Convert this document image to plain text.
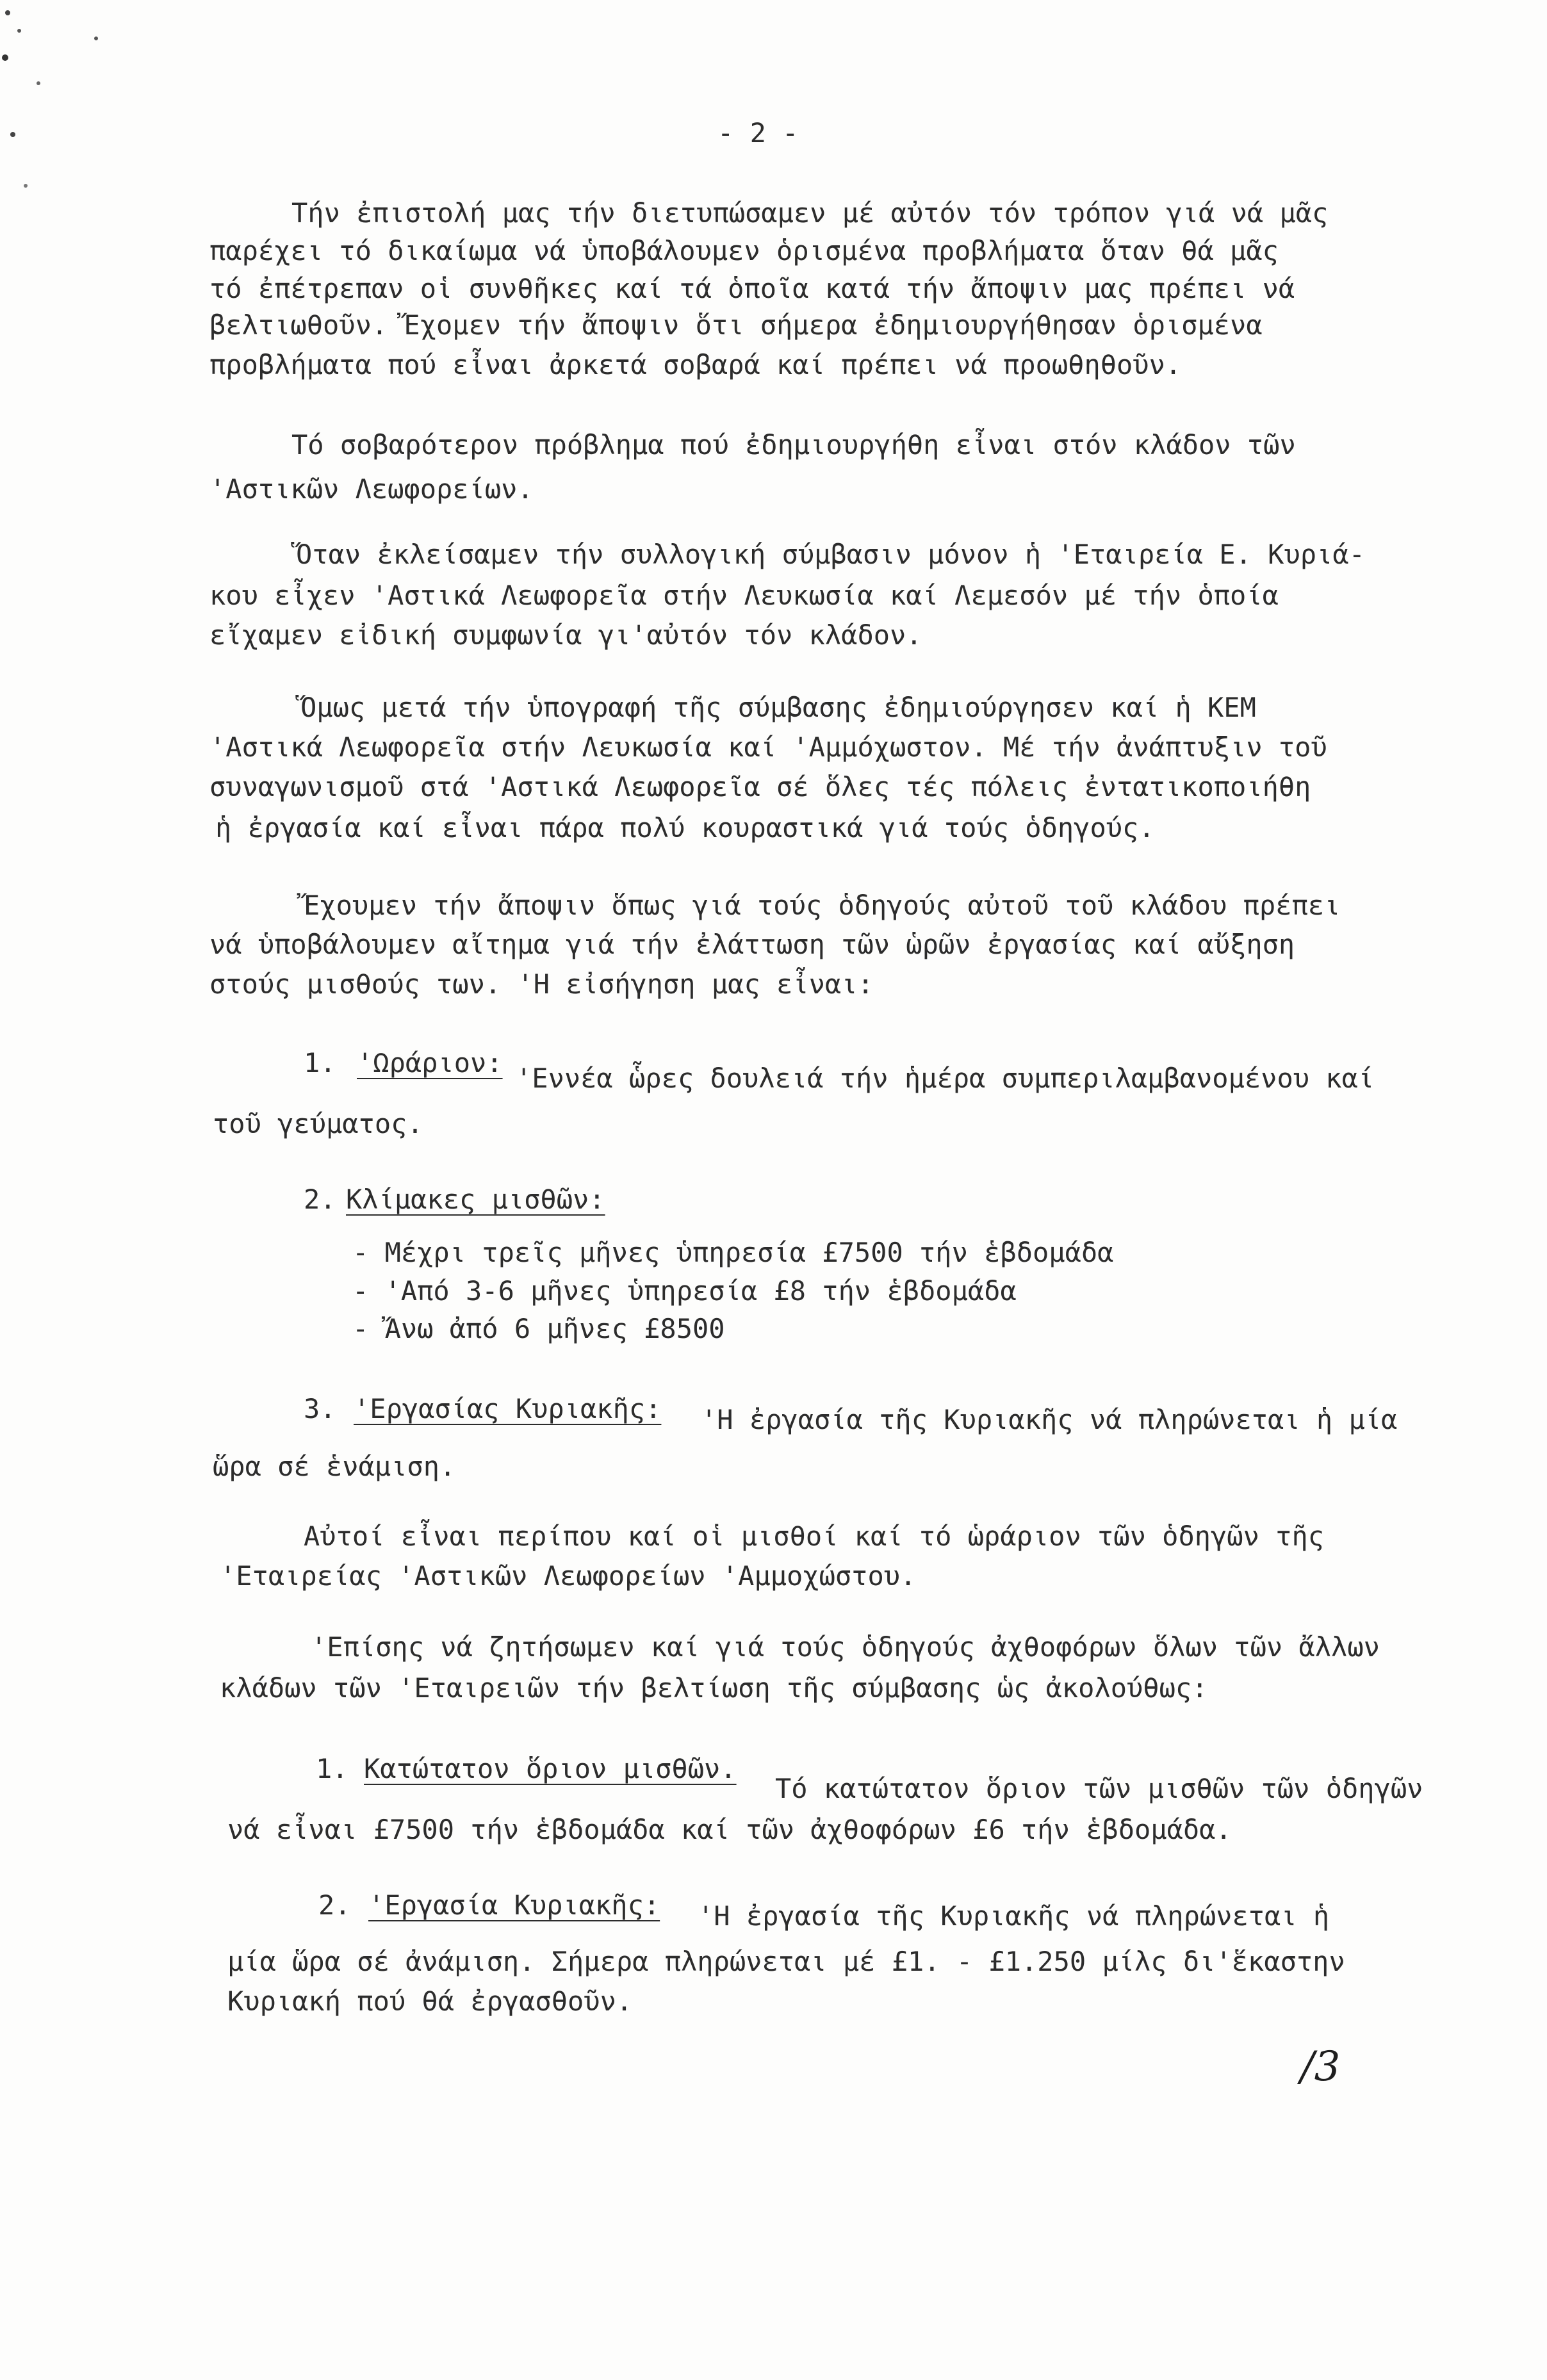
- 2 -
Τήν ἐπιστολή μας τήν διετυπώσαμεν μέ αὐτόν τόν τρόπον γιά νά μᾶς
παρέχει τό δικαίωμα νά ὑποβάλουμεν ὁρισμένα προβλήματα ὅταν θά μᾶς
τό ἐπέτρεπαν οἱ συνθῆκες καί τά ὁποῖα κατά τήν ἄποψιν μας πρέπει νά
βελτιωθοῦν. Ἔχομεν τήν ἄποψιν ὅτι σήμερα ἐδημιουργήθησαν ὁρισμένα
προβλήματα πού εἶναι ἀρκετά σοβαρά καί πρέπει νά προωθηθοῦν.
Τό σοβαρότερον πρόβλημα πού ἐδημιουργήθη εἶναι στόν κλάδον τῶν
'Αστικῶν Λεωφορείων.
Ὅταν ἐκλείσαμεν τήν συλλογική σύμβασιν μόνον ἡ 'Εταιρεία Ε. Κυριά-
κου εἶχεν 'Αστικά Λεωφορεῖα στήν Λευκωσία καί Λεμεσόν μέ τήν ὁποία
εἴχαμεν εἰδική συμφωνία γι'αὐτόν τόν κλάδον.
Ὅμως μετά τήν ὑπογραφή τῆς σύμβασης ἐδημιούργησεν καί ἡ ΚΕΜ
'Αστικά Λεωφορεῖα στήν Λευκωσία καί 'Αμμόχωστον. Μέ τήν ἀνάπτυξιν τοῦ
συναγωνισμοῦ στά 'Αστικά Λεωφορεῖα σέ ὅλες τές πόλεις ἐντατικοποιήθη
ἡ ἐργασία καί εἶναι πάρα πολύ κουραστικά γιά τούς ὁδηγούς.
Ἔχουμεν τήν ἄποψιν ὅπως γιά τούς ὁδηγούς αὐτοῦ τοῦ κλάδου πρέπει
νά ὑποβάλουμεν αἴτημα γιά τήν ἐλάττωση τῶν ὡρῶν ἐργασίας καί αὔξηση
στούς μισθούς των. 'Η εἰσήγηση μας εἶναι:
1. 'Ωράριον: 'Εννέα ὧρες δουλειά τήν ἡμέρα συμπεριλαμβανομένου καί
τοῦ γεύματος.
2. Κλίμακες μισθῶν:
- Μέχρι τρεῖς μῆνες ὑπηρεσία £7500 τήν ἑβδομάδα
- 'Από 3-6 μῆνες ὑπηρεσία £8 τήν ἑβδομάδα
- Ἄνω ἀπό 6 μῆνες £8500
3. 'Εργασίας Κυριακῆς: 'Η ἐργασία τῆς Κυριακῆς νά πληρώνεται ἡ μία
ὥρα σέ ἑνάμιση.
Αὐτοί εἶναι περίπου καί οἱ μισθοί καί τό ὡράριον τῶν ὁδηγῶν τῆς
'Εταιρείας 'Αστικῶν Λεωφορείων 'Αμμοχώστου.
'Επίσης νά ζητήσωμεν καί γιά τούς ὁδηγούς ἀχθοφόρων ὅλων τῶν ἄλλων
κλάδων τῶν 'Εταιρειῶν τήν βελτίωση τῆς σύμβασης ὡς ἀκολούθως:
1. Κατώτατον ὅριον μισθῶν.
Τό κατώτατον ὅριον τῶν μισθῶν τῶν ὁδηγῶν
νά εἶναι £7500 τήν ἑβδομάδα καί τῶν ἀχθοφόρων £6 τήν ἑβδομάδα.
2. 'Εργασία Κυριακῆς: 'Η ἐργασία τῆς Κυριακῆς νά πληρώνεται ἡ
μία ὥρα σέ ἀνάμιση. Σήμερα πληρώνεται μέ £1. - £1.250 μίλς δι'ἕκαστην
Κυριακή πού θά ἐργασθοῦν.
/3
